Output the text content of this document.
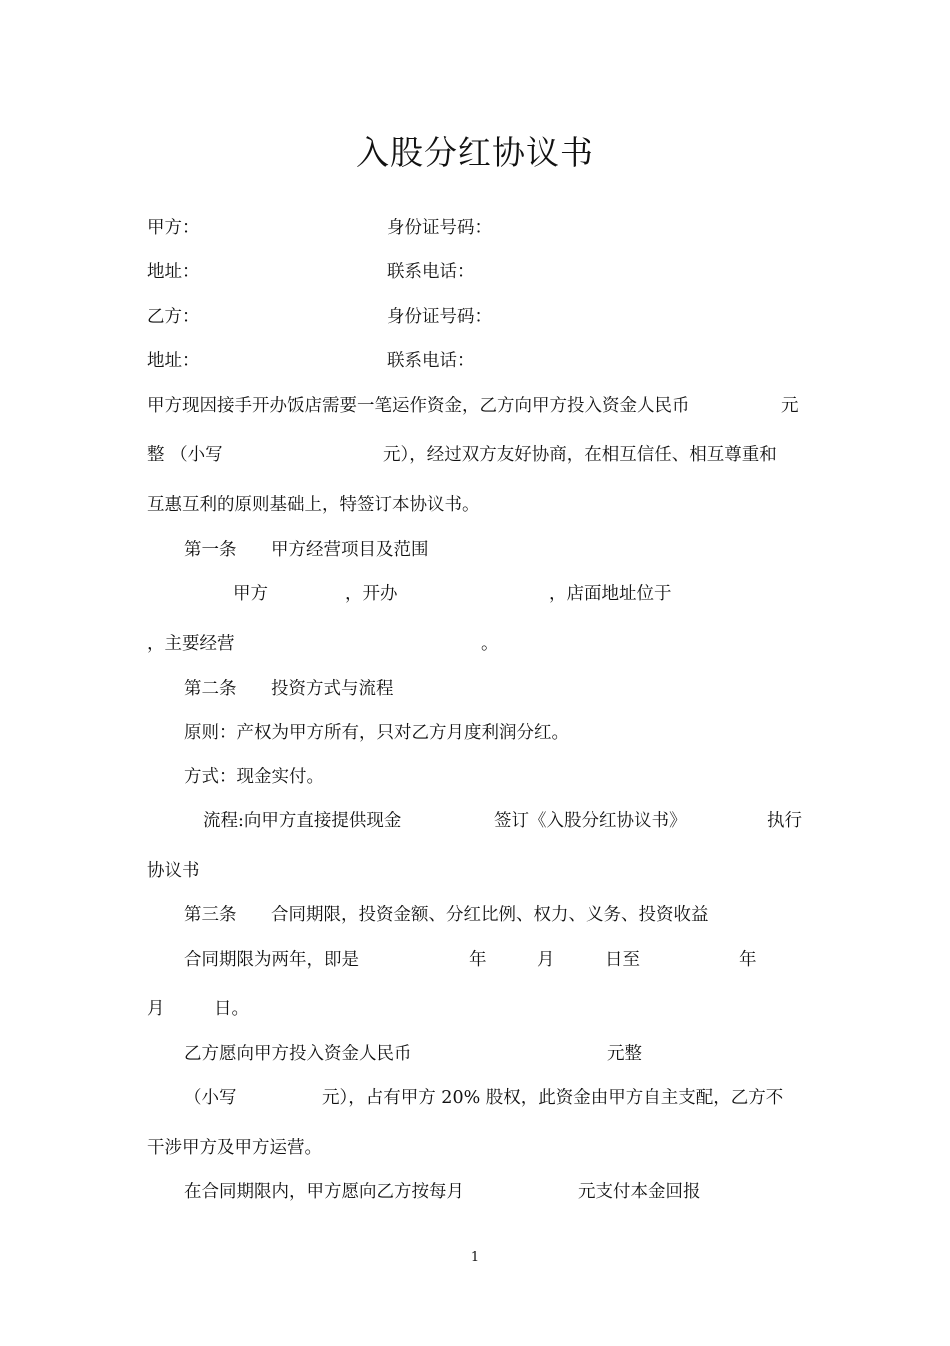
入股分红协议书
甲方：	身份证号码：
地址：	联系电话：
乙方：	身份证号码：
地址：	联系电话：
甲方现因接手开办饭店需要一笔运作资金，乙方向甲方投入资金人民币	元
整 （小写	元），经过双方友好协商，在相互信任、相互尊重和
互惠互利的原则基础上，特签订本协议书。
第一条 甲方经营项目及范围
甲方	，开办	，店面地址位于
，主要经营	。
第二条 投资方式与流程
原则：产权为甲方所有，只对乙方月度利润分红。
方式：现金实付。
流程:向甲方直接提供现金	签订《入股分红协议书》	执行
协议书
第三条 合同期限，投资金额、分红比例、权力、义务、投资收益
合同期限为两年，即是	年	月	日至	年
月	日。
乙方愿向甲方投入资金人民币	元整
（小写	元），占有甲方 20% 股权，此资金由甲方自主支配，乙方不
干涉甲方及甲方运营。
在合同期限内，甲方愿向乙方按每月	元支付本金回报
1
